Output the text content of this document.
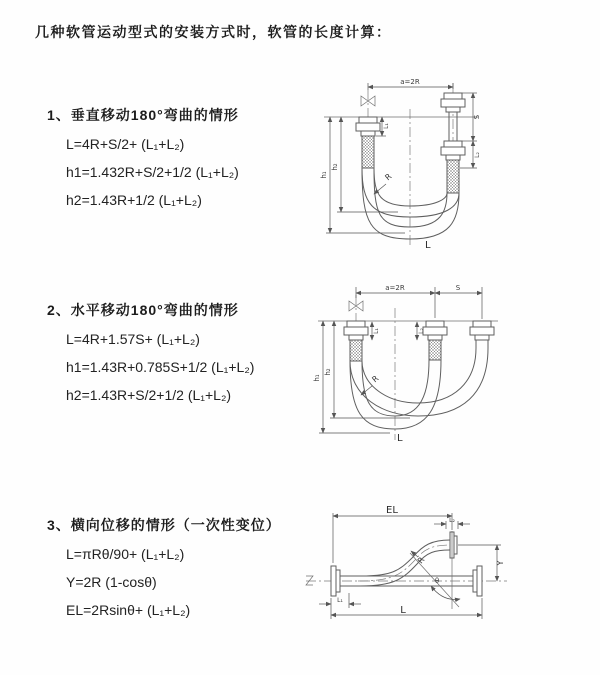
几种软管运动型式的安装方式时，软管的长度计算：
1、垂直移动180°弯曲的情形
L=4R+S/2+ (L₁+L₂)
h1=1.432R+S/2+1/2 (L₁+L₂)
h2=1.43R+1/2 (L₁+L₂)
2、水平移动180°弯曲的情形
L=4R+1.57S+ (L₁+L₂)
h1=1.43R+0.785S+1/2 (L₁+L₂)
h2=1.43R+S/2+1/2 (L₁+L₂)
3、横向位移的情形（一次性变位）
L=πRθ/90+ (L₁+L₂)
Y=2R (1-cosθ)
EL=2Rsinθ+ (L₁+L₂)
a=2R
S
L₂
L₁
h₁
h₂
R
L
a=2R	S
h₁
h₂
L₁	L₂
R
L
EL
L₂
Y
L
L₁
R
θ
